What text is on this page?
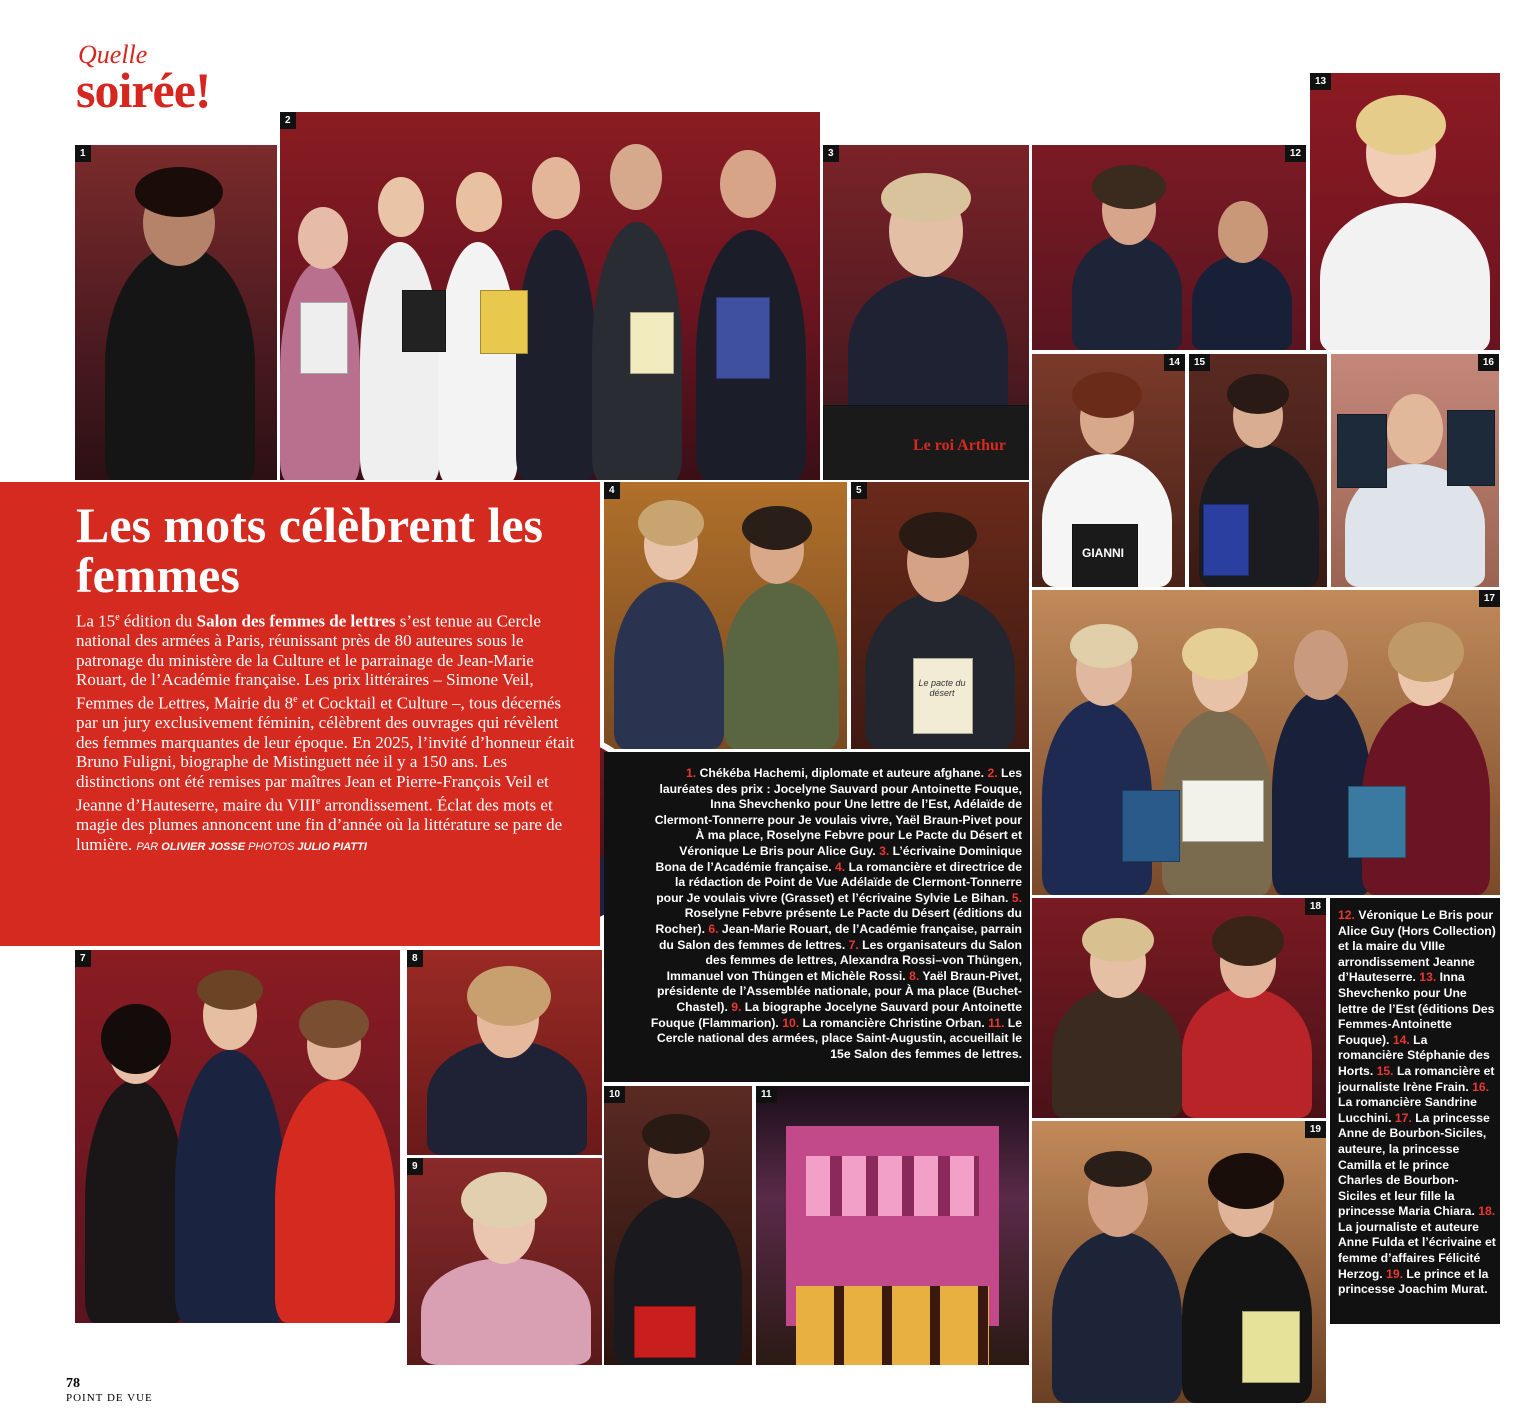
Quelle
soirée!
1
2
Le roi Arthur
3	12
13
GIANNI
14	15	16
4
Le pacte du désert
5
17
Les mots célèbrent les femmes

La 15e édition du Salon des femmes de lettres s’est tenue au Cercle national des armées à Paris, réunissant près de 80 auteures sous le patronage du ministère de la Culture et le parrainage de Jean-Marie Rouart, de l’Académie française. Les prix littéraires – Simone Veil, Femmes de Lettres, Mairie du 8e et Cocktail et Culture –, tous décernés par un jury exclusivement féminin, célèbrent des ouvrages qui révèlent des femmes marquantes de leur époque. En 2025, l’invité d’honneur était Bruno Fuligni, biographe de Mistinguett née il y a 150 ans. Les distinctions ont été remises par maîtres Jean et Pierre-François Veil et Jeanne d’Hauteserre, maire du VIIIe arrondissement. Éclat des mots et magie des plumes annoncent une fin d’année où la littérature se pare de lumière. PAR OLIVIER JOSSE PHOTOS JULIO PIATTI

1. Chékéba Hachemi, diplomate et auteure afghane. 2. Les lauréates des prix : Jocelyne Sauvard pour Antoinette Fouque, Inna Shevchenko pour Une lettre de l’Est, Adélaïde de Clermont-Tonnerre pour Je voulais vivre, Yaël Braun-Pivet pour À ma place, Roselyne Febvre pour Le Pacte du Désert et Véronique Le Bris pour Alice Guy. 3. L’écrivaine Dominique Bona de l’Académie française. 4. La romancière et directrice de la rédaction de Point de Vue Adélaïde de Clermont-Tonnerre pour Je voulais vivre (Grasset) et l’écrivaine Sylvie Le Bihan. 5. Roselyne Febvre présente Le Pacte du Désert (éditions du Rocher). 6. Jean-Marie Rouart, de l’Académie française, parrain du Salon des femmes de lettres. 7. Les organisateurs du Salon des femmes de lettres, Alexandra Rossi–von Thüngen, Immanuel von Thüngen et Michèle Rossi. 8. Yaël Braun-Pivet, présidente de l’Assemblée nationale, pour À ma place (Buchet-Chastel). 9. La biographe Jocelyne Sauvard pour Antoinette Fouque (Flammarion). 10. La romancière Christine Orban. 11. Le Cercle national des armées, place Saint-Augustin, accueillait le 15e Salon des femmes de lettres.
7	8
9
10	11
18
19
12. Véronique Le Bris pour Alice Guy (Hors Collection) et la maire du VIIIe arrondissement Jeanne d’Hauteserre. 13. Inna Shevchenko pour Une lettre de l’Est (éditions Des Femmes-Antoinette Fouque). 14. La romancière Stéphanie des Horts. 15. La romancière et journaliste Irène Frain. 16. La romancière Sandrine Lucchini. 17. La princesse Anne de Bourbon-Siciles, auteure, la princesse Camilla et le prince Charles de Bourbon-Siciles et leur fille la princesse Maria Chiara. 18. La journaliste et auteure Anne Fulda et l’écrivaine et femme d’affaires Félicité Herzog. 19. Le prince et la princesse Joachim Murat.
78
POINT DE VUE
